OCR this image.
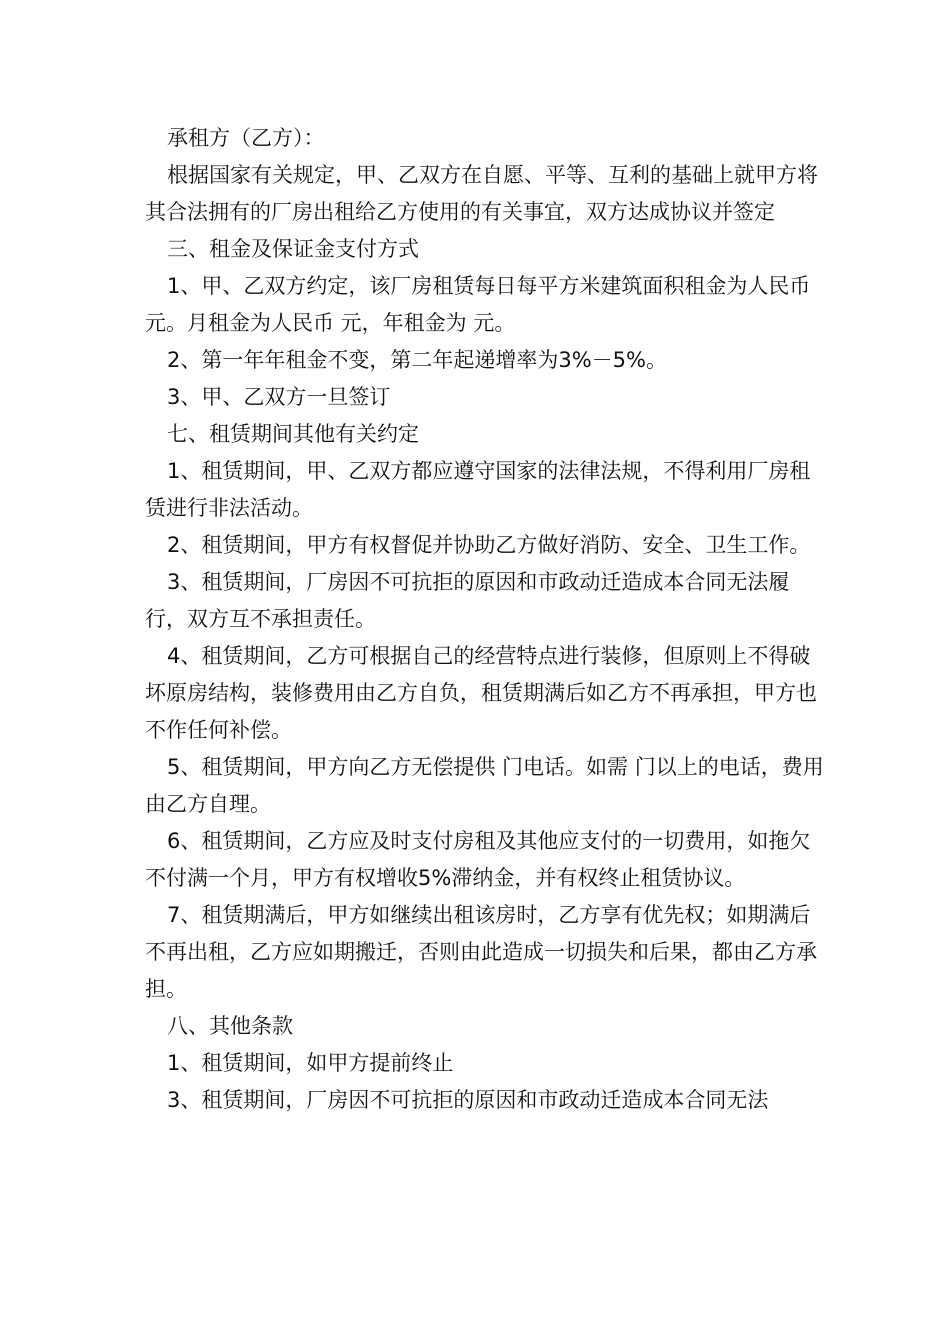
承租方（乙方）：

根据国家有关规定，甲、乙双方在自愿、平等、互利的基础上就甲方将其合法拥有的厂房出租给乙方使用的有关事宜，双方达成协议并签定

三、租金及保证金支付方式

1、甲、乙双方约定，该厂房租赁每日每平方米建筑面积租金为人民币 元。月租金为人民币 元，年租金为 元。

2、第一年年租金不变，第二年起递增率为3%－5%。

3、甲、乙双方一旦签订

七、租赁期间其他有关约定

1、租赁期间，甲、乙双方都应遵守国家的法律法规，不得利用厂房租赁进行非法活动。

2、租赁期间，甲方有权督促并协助乙方做好消防、安全、卫生工作。

3、租赁期间，厂房因不可抗拒的原因和市政动迁造成本合同无法履行，双方互不承担责任。

4、租赁期间，乙方可根据自己的经营特点进行装修，但原则上不得破坏原房结构，装修费用由乙方自负，租赁期满后如乙方不再承担，甲方也不作任何补偿。

5、租赁期间，甲方向乙方无偿提供 门电话。如需 门以上的电话，费用由乙方自理。

6、租赁期间，乙方应及时支付房租及其他应支付的一切费用，如拖欠不付满一个月，甲方有权增收5%滞纳金，并有权终止租赁协议。

7、租赁期满后，甲方如继续出租该房时，乙方享有优先权；如期满后不再出租，乙方应如期搬迁，否则由此造成一切损失和后果，都由乙方承担。

八、其他条款

1、租赁期间，如甲方提前终止

3、租赁期间，厂房因不可抗拒的原因和市政动迁造成本合同无法
